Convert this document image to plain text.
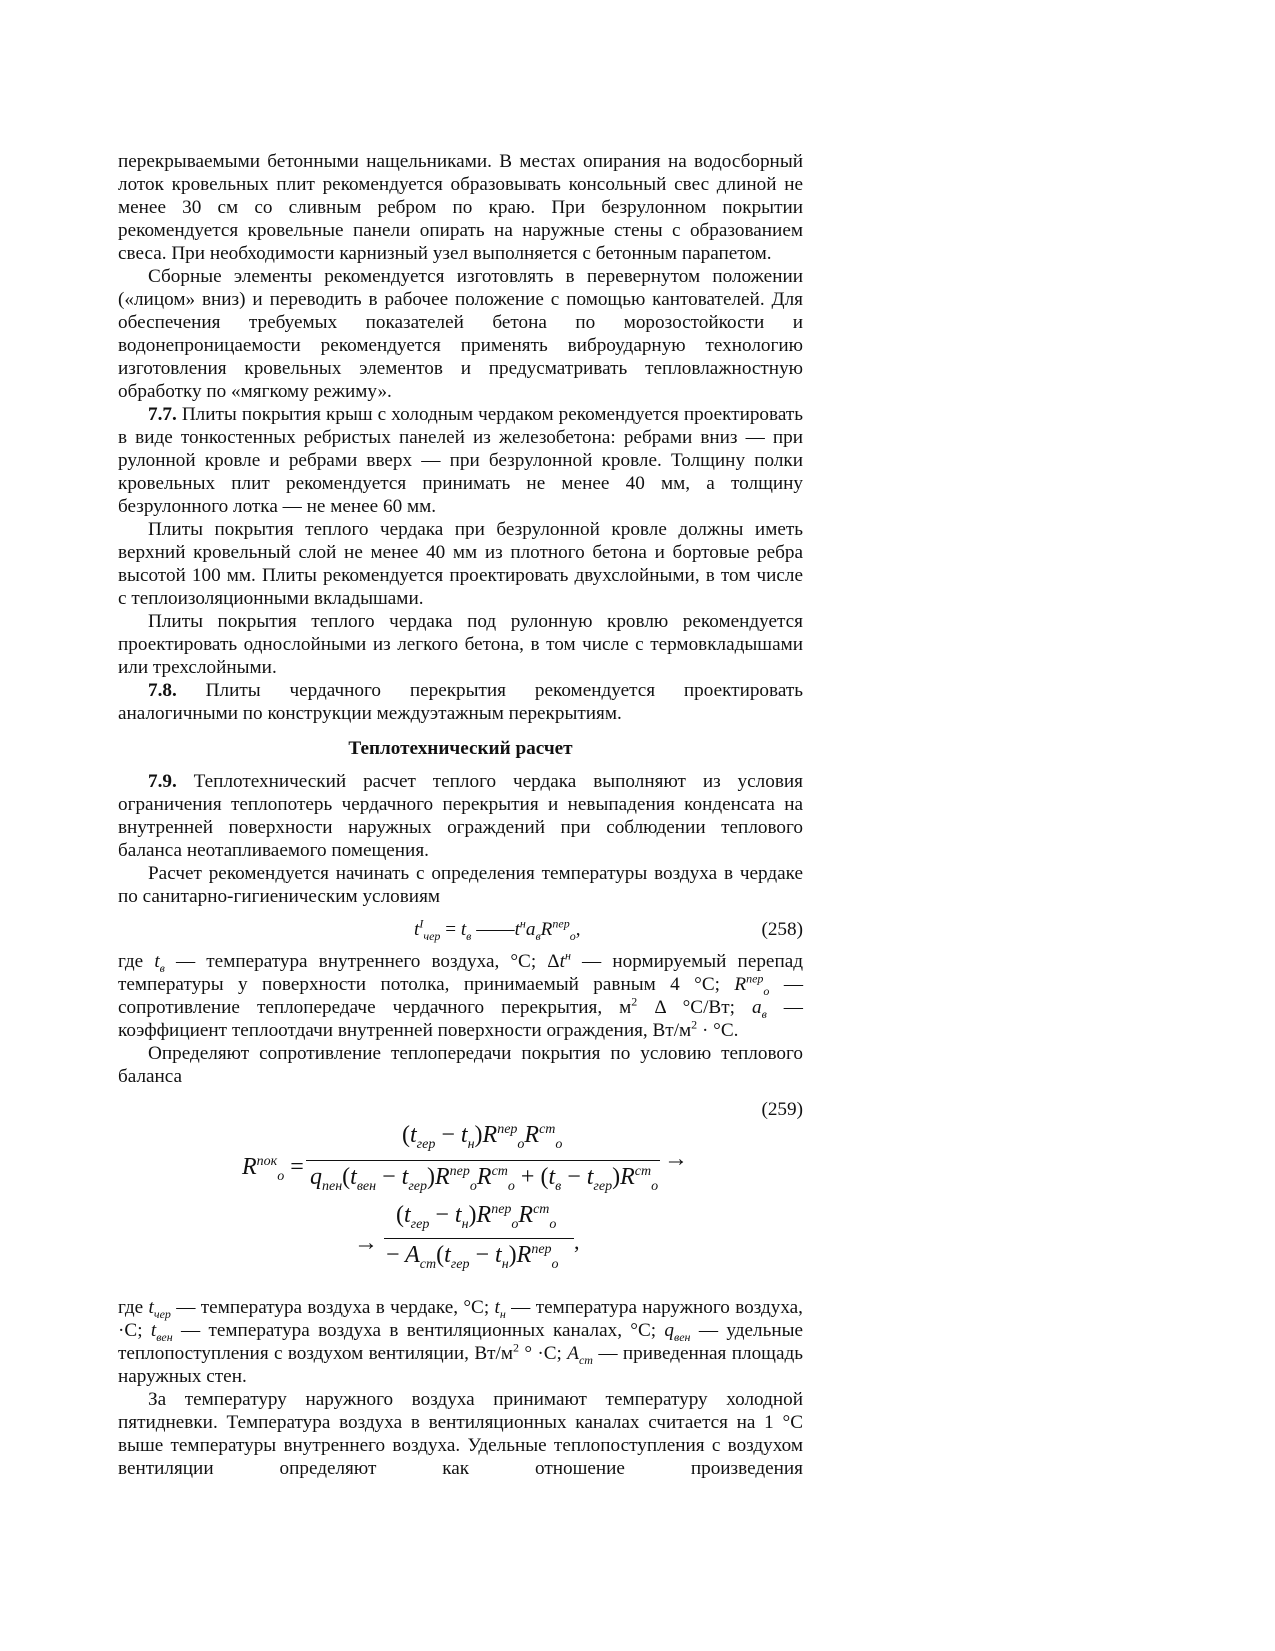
перекрываемыми бетонными нащельниками. В местах опирания на водосборный лоток кровельных плит рекомендуется образовывать консольный свес длиной не менее 30 см со сливным ребром по краю. При безрулонном покрытии рекомендуется кровельные панели опирать на наружные стены с образованием свеса. При необходимости карнизный узел выполняется с бетонным парапетом.

Сборные элементы рекомендуется изготовлять в перевернутом положении («лицом» вниз) и переводить в рабочее положение с помощью кантователей. Для обеспечения требуемых показателей бетона по морозостойкости и водонепроницаемости рекомендуется применять виброударную технологию изготовления кровельных элементов и предусматривать тепловлажностную обработку по «мягкому режиму».

7.7. Плиты покрытия крыш с холодным чердаком рекомендуется проектировать в виде тонкостенных ребристых панелей из железобетона: ребрами вниз — при рулонной кровле и ребрами вверх — при безрулонной кровле. Толщину полки кровельных плит рекомендуется принимать не менее 40 мм, а толщину безрулонного лотка — не менее 60 мм.

Плиты покрытия теплого чердака при безрулонной кровле должны иметь верхний кровельный слой не менее 40 мм из плотного бетона и бортовые ребра высотой 100 мм. Плиты рекомендуется проектировать двухслойными, в том числе с теплоизоляционными вкладышами.

Плиты покрытия теплого чердака под рулонную кровлю рекомендуется проектировать однослойными из легкого бетона, в том числе с термовкладышами или трехслойными.

7.8. Плиты чердачного перекрытия рекомендуется проектировать аналогичными по конструкции междуэтажным перекрытиям.

Теплотехнический расчет

7.9. Теплотехнический расчет теплого чердака выполняют из условия ограничения теплопотерь чердачного перекрытия и невыпадения конденсата на внутренней поверхности наружных ограждений при соблюдении теплового баланса неотапливаемого помещения.

Расчет рекомендуется начинать с определения температуры воздуха в чердаке по санитарно-гигиеническим условиям

$t^I_{чер} = t_в$ $——t^нa_вR^{пер}_о$,	(258)

где $t_в$ — температура внутреннего воздуха, °С; $\Delta t^н$ — нормируемый перепад температуры у поверхности потолка, принимаемый равным 4 °С; $R^{пер}_о$ — сопротивление теплопередаче чердачного перекрытия, $м^2$ Δ °С/Вт; $a_в$ — коэффициент теплоотдачи внутренней поверхности ограждения, $Вт/м^2 \cdot ^\circ С$.

Определяют сопротивление теплопередачи покрытия по условию теплового баланса

(259)
$R^{пок}_о$ =
$(t_{гер} - t_н)R^{пер}_оR^{ст}_о$
$q_{пен}(t_{вен} - t_{гер})R^{пер}_оR^{ст}_о + (t_в - t_{гер})R^{ст}_о$
→
→
$(t_{гер} - t_н)R^{пер}_оR^{ст}_о$
− $A_{ст}(t_{гер} - t_н)R^{пер}_о$
,

где $t_{чер}$ — температура воздуха в чердаке, °С; $t_н$ — температура наружного воздуха, ·С; $t_{вен}$ — температура воздуха в вентиляционных каналах, °С; $q_{вен}$ — удельные теплопоступления с воздухом вентиляции, $Вт/м^2$ ° ·С; $A_{ст}$ — приведенная площадь наружных стен.

За температуру наружного воздуха принимают температуру холодной пятидневки. Температура воздуха в вентиляционных каналах считается на 1 °С выше температуры внутреннего воздуха. Удельные теплопоступления с воздухом вентиляции определяют как отношение произведения
